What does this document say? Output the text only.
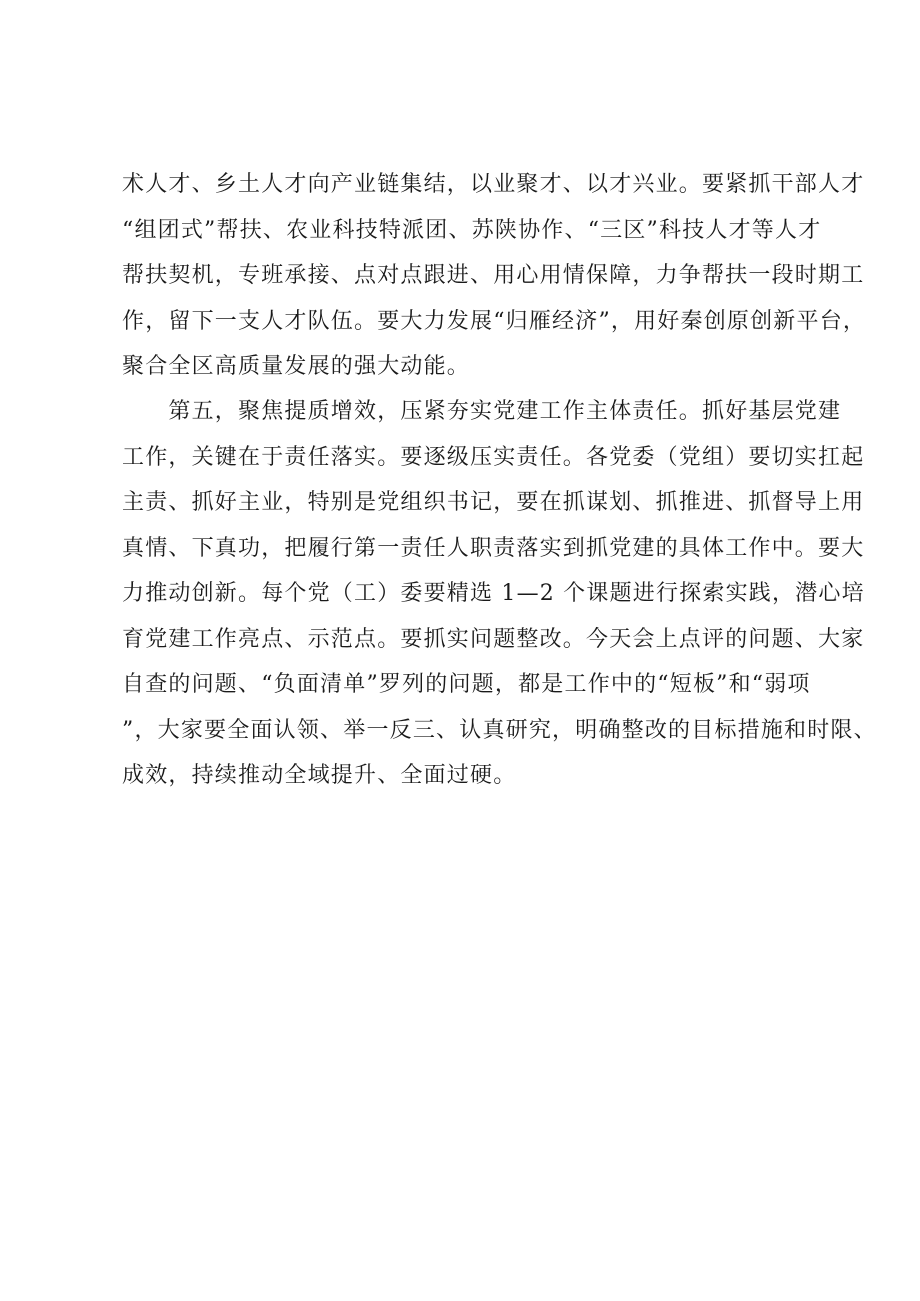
术人才、乡土人才向产业链集结，以业聚才、以才兴业。要紧抓干部人才
“组团式”帮扶、农业科技特派团、苏陕协作、“三区”科技人才等人才
帮扶契机，专班承接、点对点跟进、用心用情保障，力争帮扶一段时期工
作，留下一支人才队伍。要大力发展“归雁经济”，用好秦创原创新平台，
聚合全区高质量发展的强大动能。
　　第五，聚焦提质增效，压紧夯实党建工作主体责任。抓好基层党建
工作，关键在于责任落实。要逐级压实责任。各党委（党组）要切实扛起
主责、抓好主业，特别是党组织书记，要在抓谋划、抓推进、抓督导上用
真情、下真功，把履行第一责任人职责落实到抓党建的具体工作中。要大
力推动创新。每个党（工）委要精选 1—2 个课题进行探索实践，潜心培
育党建工作亮点、示范点。要抓实问题整改。今天会上点评的问题、大家
自查的问题、“负面清单”罗列的问题，都是工作中的“短板”和“弱项
”，大家要全面认领、举一反三、认真研究，明确整改的目标措施和时限、
成效，持续推动全域提升、全面过硬。
